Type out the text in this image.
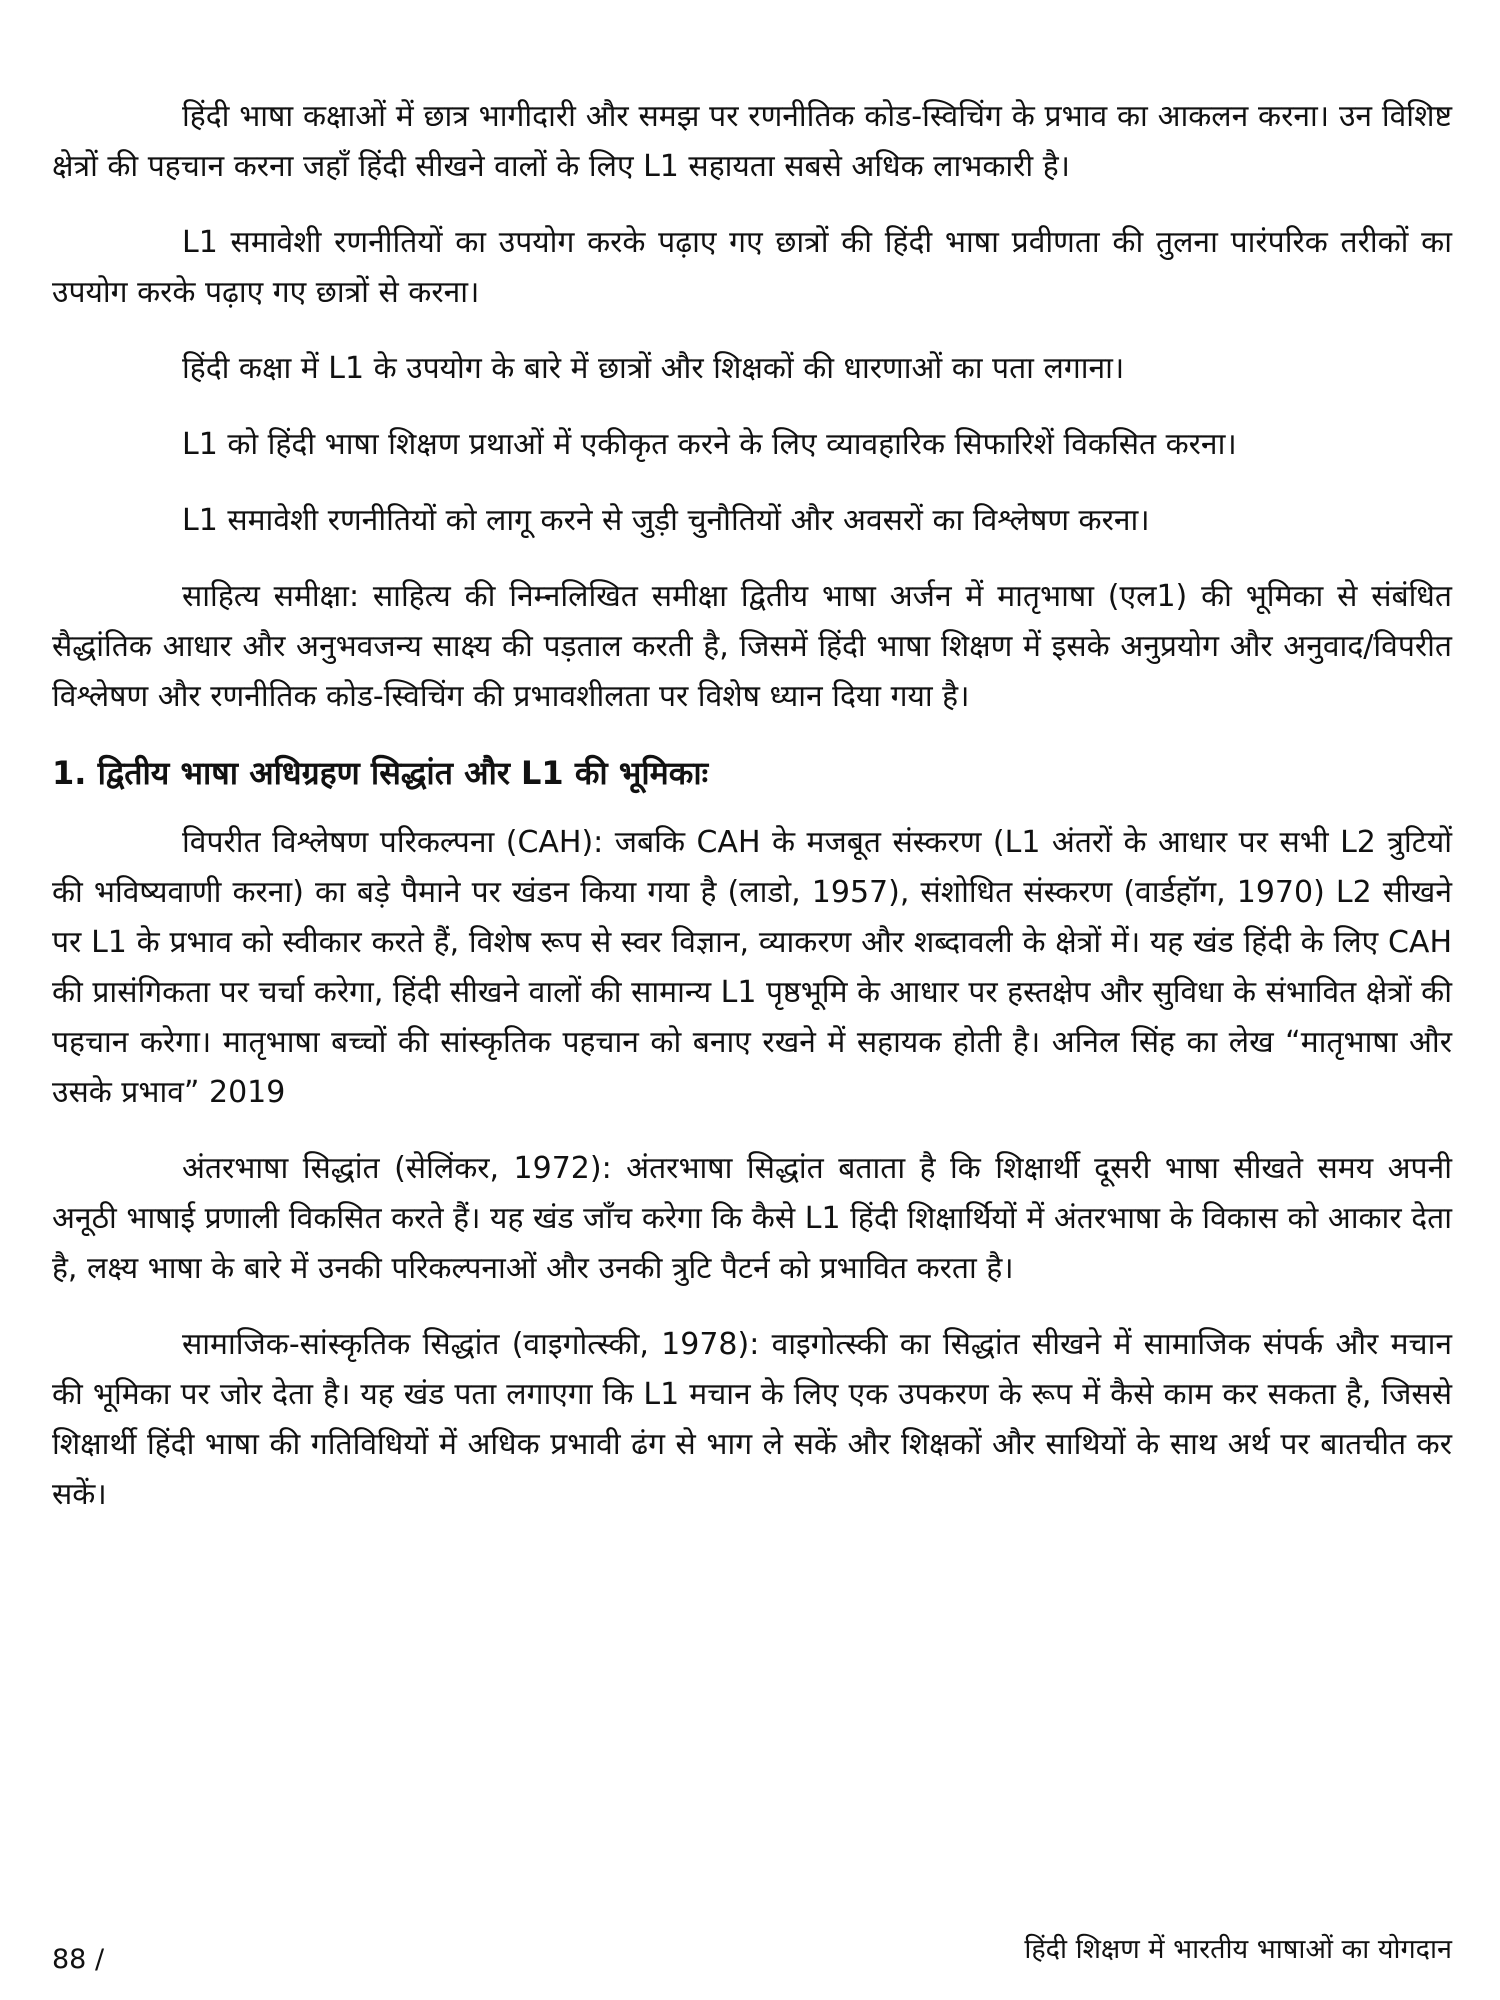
हिंदी भाषा कक्षाओं में छात्र भागीदारी और समझ पर रणनीतिक कोड-स्विचिंग के प्रभाव का आकलन करना। उन विशिष्ट क्षेत्रों की पहचान करना जहाँ हिंदी सीखने वालों के लिए L1 सहायता सबसे अधिक लाभकारी है।

L1 समावेशी रणनीतियों का उपयोग करके पढ़ाए गए छात्रों की हिंदी भाषा प्रवीणता की तुलना पारंपरिक तरीकों का उपयोग करके पढ़ाए गए छात्रों से करना।

हिंदी कक्षा में L1 के उपयोग के बारे में छात्रों और शिक्षकों की धारणाओं का पता लगाना।

L1 को हिंदी भाषा शिक्षण प्रथाओं में एकीकृत करने के लिए व्यावहारिक सिफारिशें विकसित करना।

L1 समावेशी रणनीतियों को लागू करने से जुड़ी चुनौतियों और अवसरों का विश्लेषण करना।

साहित्य समीक्षा: साहित्य की निम्नलिखित समीक्षा द्वितीय भाषा अर्जन में मातृभाषा (एल1) की भूमिका से संबंधित सैद्धांतिक आधार और अनुभवजन्य साक्ष्य की पड़ताल करती है, जिसमें हिंदी भाषा शिक्षण में इसके अनुप्रयोग और अनुवाद/विपरीत विश्लेषण और रणनीतिक कोड-स्विचिंग की प्रभावशीलता पर विशेष ध्यान दिया गया है।

1. द्वितीय भाषा अधिग्रहण सिद्धांत और L1 की भूमिकाः

विपरीत विश्लेषण परिकल्पना (CAH): जबकि CAH के मजबूत संस्करण (L1 अंतरों के आधार पर सभी L2 त्रुटियों की भविष्यवाणी करना) का बड़े पैमाने पर खंडन किया गया है (लाडो, 1957), संशोधित संस्करण (वार्डहॉग, 1970) L2 सीखने पर L1 के प्रभाव को स्वीकार करते हैं, विशेष रूप से स्वर विज्ञान, व्याकरण और शब्दावली के क्षेत्रों में। यह खंड हिंदी के लिए CAH की प्रासंगिकता पर चर्चा करेगा, हिंदी सीखने वालों की सामान्य L1 पृष्ठभूमि के आधार पर हस्तक्षेप और सुविधा के संभावित क्षेत्रों की पहचान करेगा। मातृभाषा बच्चों की सांस्कृतिक पहचान को बनाए रखने में सहायक होती है। अनिल सिंह का लेख “मातृभाषा और उसके प्रभाव” 2019

अंतरभाषा सिद्धांत (सेलिंकर, 1972): अंतरभाषा सिद्धांत बताता है कि शिक्षार्थी दूसरी भाषा सीखते समय अपनी अनूठी भाषाई प्रणाली विकसित करते हैं। यह खंड जाँच करेगा कि कैसे L1 हिंदी शिक्षार्थियों में अंतरभाषा के विकास को आकार देता है, लक्ष्य भाषा के बारे में उनकी परिकल्पनाओं और उनकी त्रुटि पैटर्न को प्रभावित करता है।

सामाजिक-सांस्कृतिक सिद्धांत (वाइगोत्स्की, 1978): वाइगोत्स्की का सिद्धांत सीखने में सामाजिक संपर्क और मचान की भूमिका पर जोर देता है। यह खंड पता लगाएगा कि L1 मचान के लिए एक उपकरण के रूप में कैसे काम कर सकता है, जिससे शिक्षार्थी हिंदी भाषा की गतिविधियों में अधिक प्रभावी ढंग से भाग ले सकें और शिक्षकों और साथियों के साथ अर्थ पर बातचीत कर सकें।

88 /	हिंदी शिक्षण में भारतीय भाषाओं का योगदान
